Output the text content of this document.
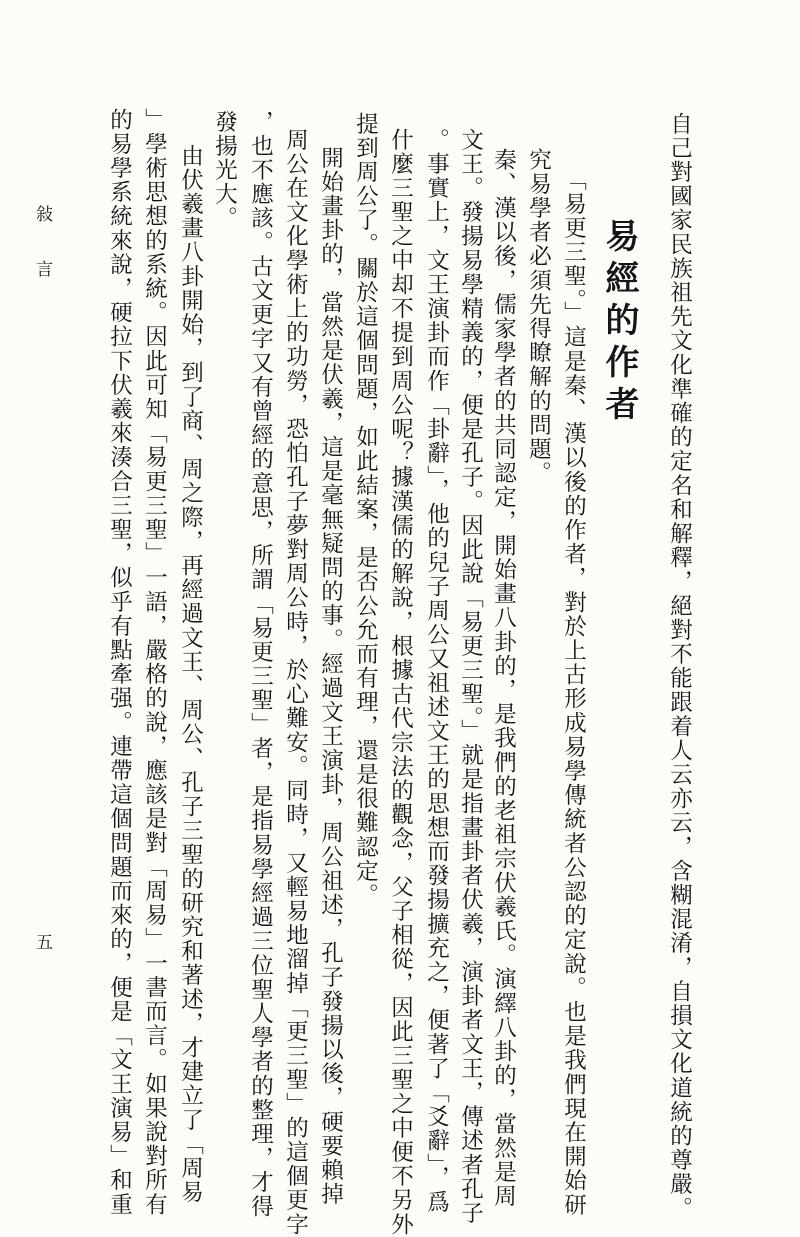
易經的作者 自己對國家民族祖先文化準確的定名和解釋，絕對不能跟着人云亦云，含糊混淆，自損文化道統的尊嚴。
究易學者必須先得瞭解的問題。 「易更三聖。」這是秦、漢以後的作者，對於上古形成易學傳統者公認的定說。也是我們現在開始研
文王。發揚易學精義的，便是孔子。因此說「易更三聖。」就是指畫卦者伏羲，演卦者文王，傳述者孔子 秦、漢以後，儒家學者的共同認定，開始畫八卦的，是我們的老祖宗伏羲氏。演繹八卦的，當然是周
。事實上，文王演卦而作「卦辭」，他的兒子周公又祖述文王的思想而發揚擴充之，便著了「爻辭」，爲
什麼三聖之中却不提到周公呢？據漢儒的解說，根據古代宗法的觀念，父子相從，因此三聖之中便不另外
提到周公了。關於這個問題，如此結案，是否公允而有理，還是很難認定。
開始畫卦的，當然是伏羲，這是毫無疑問的事。經過文王演卦，周公祖述，孔子發揚以後，硬要賴掉
周公在文化學術上的功勞，恐怕孔子夢對周公時，於心難安。同時，又輕易地溜掉「更三聖」的這個更字
，也不應該。古文更字又有曾經的意思，所謂「易更三聖」者，是指易學經過三位聖人學者的整理，才得
發揚光大。
由伏羲畫八卦開始，到了商、周之際，再經過文王、周公、孔子三聖的研究和著述，才建立了「周易
」學術思想的系統。因此可知「易更三聖」一語，嚴格的說，應該是對「周易」一書而言。如果說對所有
的易學系統來說，硬拉下伏羲來湊合三聖，似乎有點牽强。連帶這個問題而來的，便是「文王演易」和重
敍言
五
